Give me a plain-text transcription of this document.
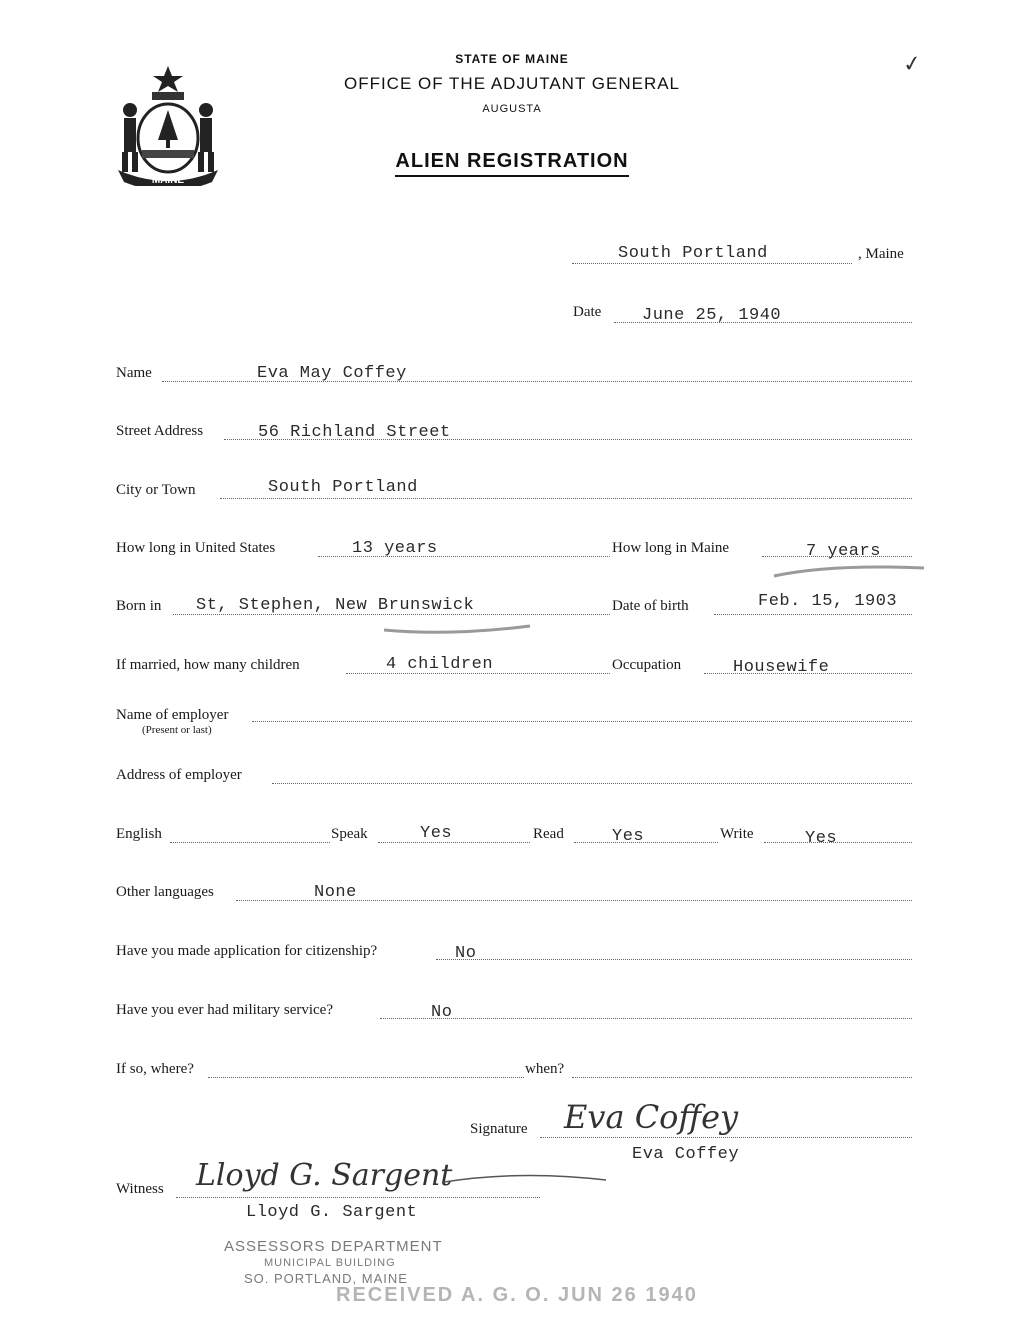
MAINE
STATE OF MAINE
OFFICE OF THE ADJUTANT GENERAL
AUGUSTA
ALIEN REGISTRATION
✓
South Portland	, Maine
Date June 25, 1940
Name	Eva May Coffey
Street Address	56 Richland Street
City or Town	South Portland
How long in United States	13 years	How long in Maine	7 years
Born in St, Stephen, New Brunswick	Date of birth	Feb. 15, 1903
If married, how many children	4 children	Occupation	Housewife
Name of employer
(Present or last)
Address of employer
English	Speak	Yes	Read	Yes	Write	Yes
Other languages	None
Have you made application for citizenship?	No
Have you ever had military service?	No
If so, where?	when?
Signature Eva Coffey
Eva Coffey
Witness Lloyd G. Sargent
Lloyd G. Sargent
ASSESSORS DEPARTMENT
MUNICIPAL BUILDING
SO. PORTLAND, MAINE
RECEIVED A. G. O. JUN 26 1940
